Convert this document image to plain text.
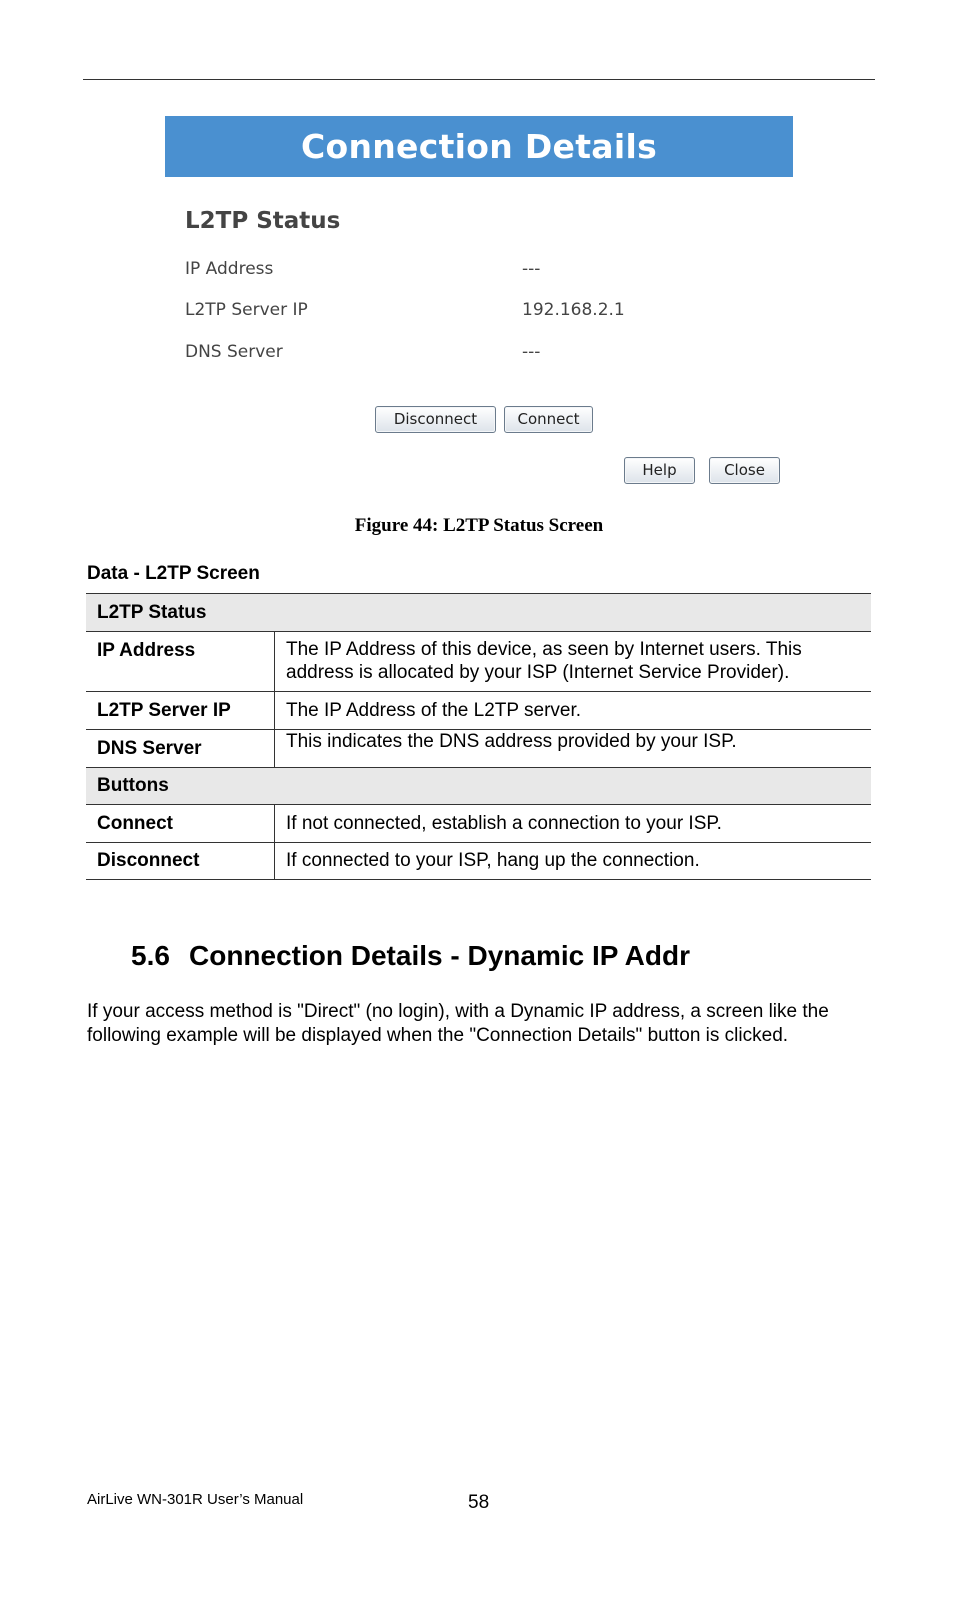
Connection Details
L2TP Status
IP Address	---
L2TP Server IP	192.168.2.1
DNS Server	---
Disconnect	Connect
Help	Close
Figure 44: L2TP Status Screen
Data - L2TP Screen
L2TP Status	
IP Address	The IP Address of this device, as seen by Internet users. This address is allocated by your ISP (Internet Service Provider).
L2TP Server IP	The IP Address of the L2TP server.
DNS Server	This indicates the DNS address provided by your ISP.
Buttons	
Connect	If not connected, establish a connection to your ISP.
Disconnect	If connected to your ISP, hang up the connection.
5.6 Connection Details - Dynamic IP Addr
If your access method is "Direct" (no login), with a Dynamic IP address, a screen like the following example will be displayed when the "Connection Details" button is clicked.
AirLive WN-301R User’s Manual	58
